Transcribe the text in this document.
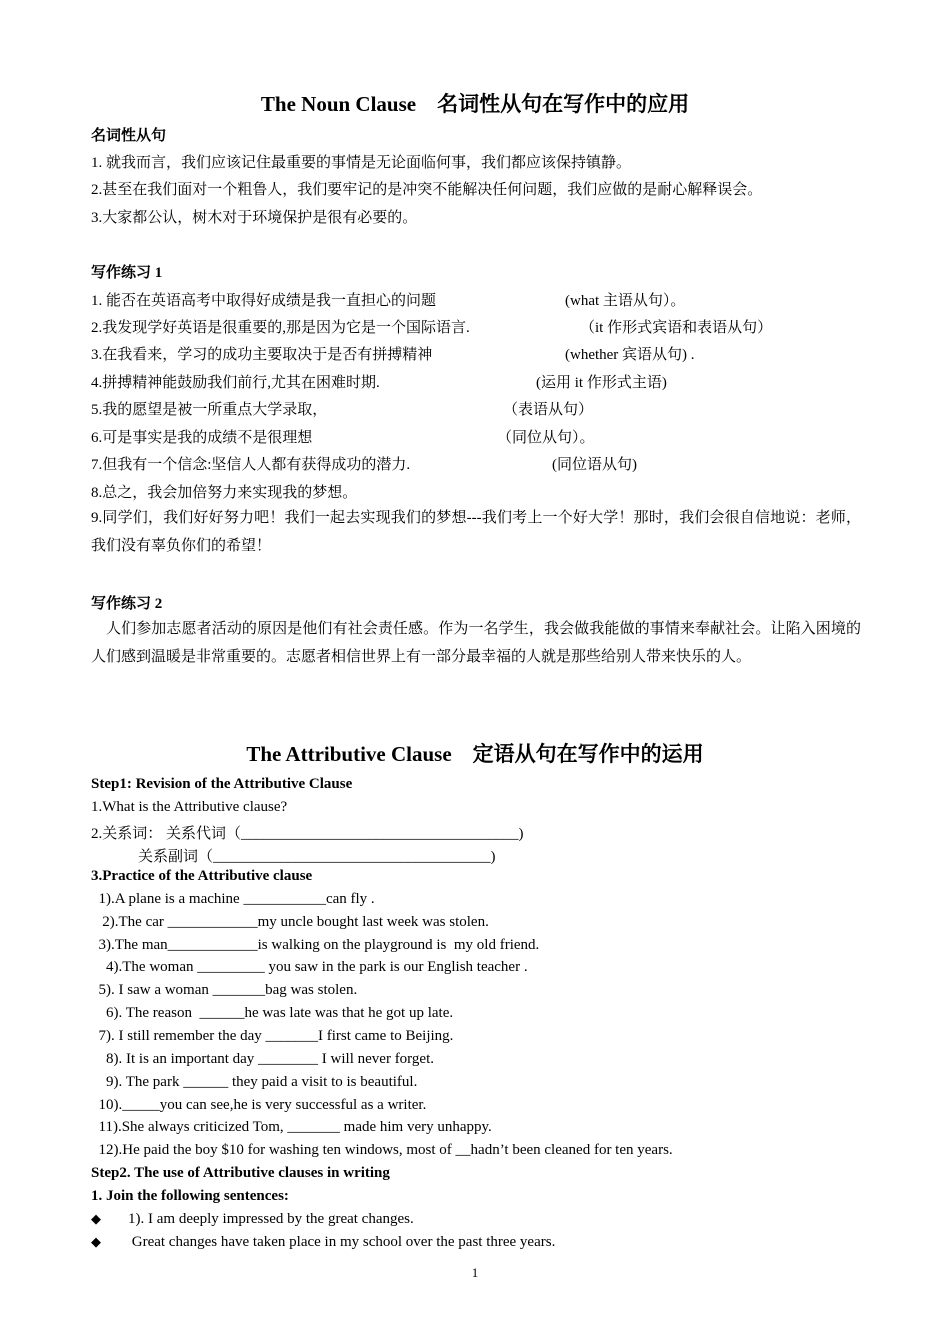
The Noun Clause　名词性从句在写作中的应用
名词性从句
1. 就我而言，我们应该记住最重要的事情是无论面临何事，我们都应该保持镇静。
2.甚至在我们面对一个粗鲁人，我们要牢记的是冲突不能解决任何问题，我们应做的是耐心解释误会。
3.大家都公认，树木对于环境保护是很有必要的。
写作练习 1
1. 能否在英语高考中取得好成绩是我一直担心的问题	(what 主语从句）。
2.我发现学好英语是很重要的,那是因为它是一个国际语言.	（it 作形式宾语和表语从句）
3.在我看来，学习的成功主要取决于是否有拼搏精神	(whether 宾语从句) .
4.拼搏精神能鼓励我们前行,尤其在困难时期.	(运用 it 作形式主语)
5.我的愿望是被一所重点大学录取，	（表语从句）
6.可是事实是我的成绩不是很理想	（同位从句）。
7.但我有一个信念:坚信人人都有获得成功的潜力.	(同位语从句)
8.总之，我会加倍努力来实现我的梦想。
9.同学们，我们好好努力吧！我们一起去实现我们的梦想---我们考上一个好大学！那时，我们会很自信地说：老师，我们没有辜负你们的希望！
写作练习 2
人们参加志愿者活动的原因是他们有社会责任感。作为一名学生，我会做我能做的事情来奉献社会。让陷入困境的人们感到温暖是非常重要的。志愿者相信世界上有一部分最幸福的人就是那些给别人带来快乐的人。
The Attributive Clause　定语从句在写作中的运用
Step1: Revision of the Attributive Clause
1.What is the Attributive clause?
2.关系词： 关系代词（_____________________________________)
关系副词（_____________________________________)
3.Practice of the Attributive clause
1).A plane is a machine ___________can fly .
2).The car ____________my uncle bought last week was stolen.
3).The man____________is walking on the playground is  my old friend.
4).The woman _________ you saw in the park is our English teacher .
5). I saw a woman _______bag was stolen.
6). The reason  ______he was late was that he got up late.
7). I still remember the day _______I first came to Beijing.
8). It is an important day ________ I will never forget.
9). The park ______ they paid a visit to is beautiful.
10)._____you can see,he is very successful as a writer.
11).She always criticized Tom, _______ made him very unhappy.
12).He paid the boy $10 for washing ten windows, most of __hadn’t been cleaned for ten years.
Step2. The use of Attributive clauses in writing
1. Join the following sentences:
◆ 1). I am deeply impressed by the great changes.
◆ Great changes have taken place in my school over the past three years.
1
